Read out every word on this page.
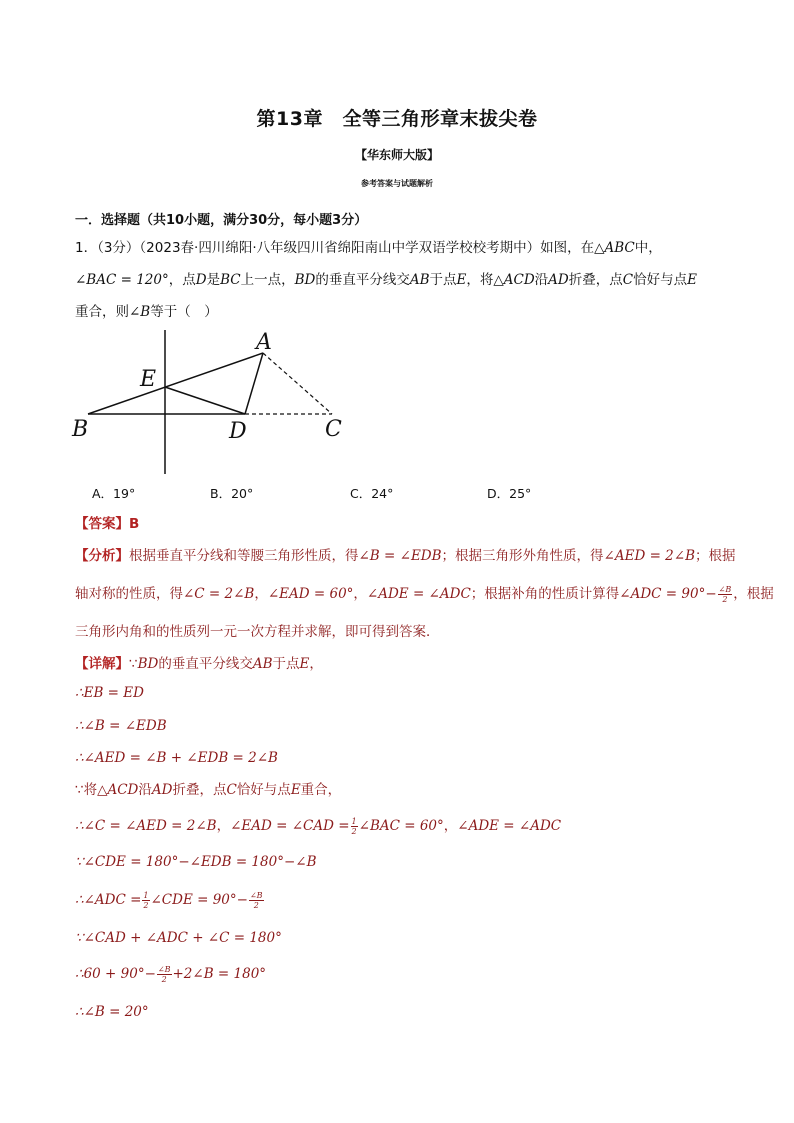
第13章　全等三角形章末拔尖卷
【华东师大版】
参考答案与试题解析
一．选择题（共10小题，满分30分，每小题3分）
1．（3分）（2023春·四川绵阳·八年级四川省绵阳南山中学双语学校校考期中）如图，在△ABC中，
∠BAC = 120°，点D是BC上一点，BD的垂直平分线交AB于点E，将△ACD沿AD折叠，点C恰好与点E
重合，则∠B等于（　）
A
E
B	D	C
A．19°	B．20°	C．24°	D．25°
【答案】B
【分析】根据垂直平分线和等腰三角形性质，得∠B = ∠EDB；根据三角形外角性质，得∠AED = 2∠B；根据
轴对称的性质，得∠C = 2∠B，∠EAD = 60°，∠ADE = ∠ADC；根据补角的性质计算得∠ADC = $90^\circ- \frac{\angle B}{2}$ ，根据
三角形内角和的性质列一元一次方程并求解，即可得到答案．
【详解】∵BD的垂直平分线交AB于点E，
∴EB = ED
∴∠B = ∠EDB
∴∠AED = ∠B + ∠EDB = 2∠B
∵将△ACD沿AD折叠，点C恰好与点E重合，
∴∠C = ∠AED = 2∠B，∠EAD = ∠CAD = $\frac{1}{2}$ ∠BAC = 60°，∠ADE = ∠ADC
∵∠CDE = 180°−∠EDB = 180°−∠B
∴∠ADC = $\frac{1}{2}$ ∠CDE = $90^\circ- \frac{\angle B}{2}$
∵∠CAD + ∠ADC + ∠C = 180°
∴60 + $90^\circ- \frac{\angle B}{2}$ +2∠B = 180°
∴∠B = 20°
